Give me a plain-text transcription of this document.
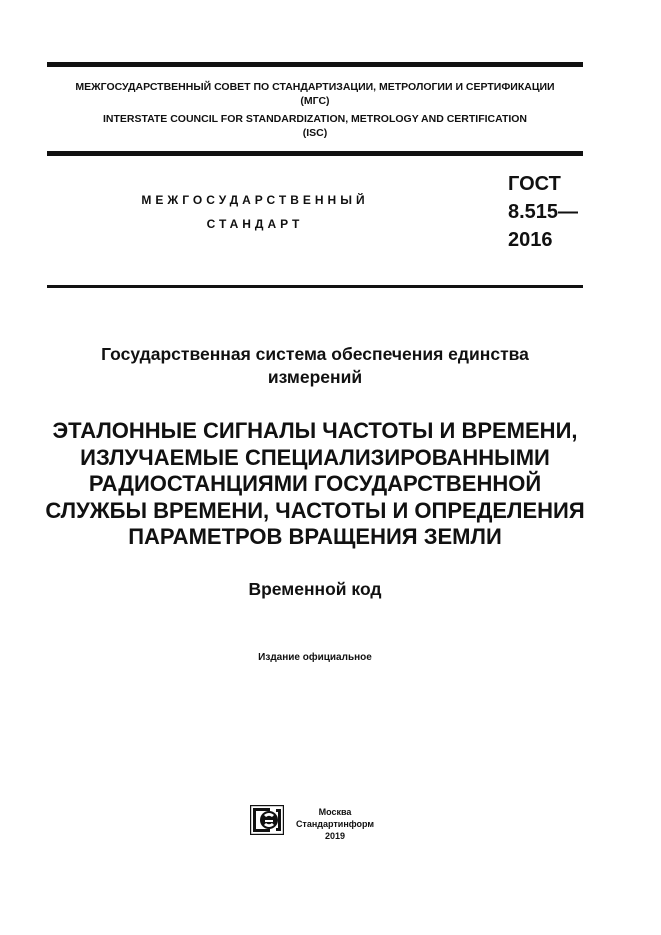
МЕЖГОСУДАРСТВЕННЫЙ СОВЕТ ПО СТАНДАРТИЗАЦИИ, МЕТРОЛОГИИ И СЕРТИФИКАЦИИ
(МГС)
INTERSTATE COUNCIL FOR STANDARDIZATION, METROLOGY AND CERTIFICATION
(ISC)
МЕЖГОСУДАРСТВЕННЫЙ
СТАНДАРТ
ГОСТ
8.515—
2016
Государственная система обеспечения единства
измерений
ЭТАЛОННЫЕ СИГНАЛЫ ЧАСТОТЫ И ВРЕМЕНИ,
ИЗЛУЧАЕМЫЕ СПЕЦИАЛИЗИРОВАННЫМИ
РАДИОСТАНЦИЯМИ ГОСУДАРСТВЕННОЙ
СЛУЖБЫ ВРЕМЕНИ, ЧАСТОТЫ И ОПРЕДЕЛЕНИЯ
ПАРАМЕТРОВ ВРАЩЕНИЯ ЗЕМЛИ
Временной код
Издание официальное
Москва
Стандартинформ
2019
